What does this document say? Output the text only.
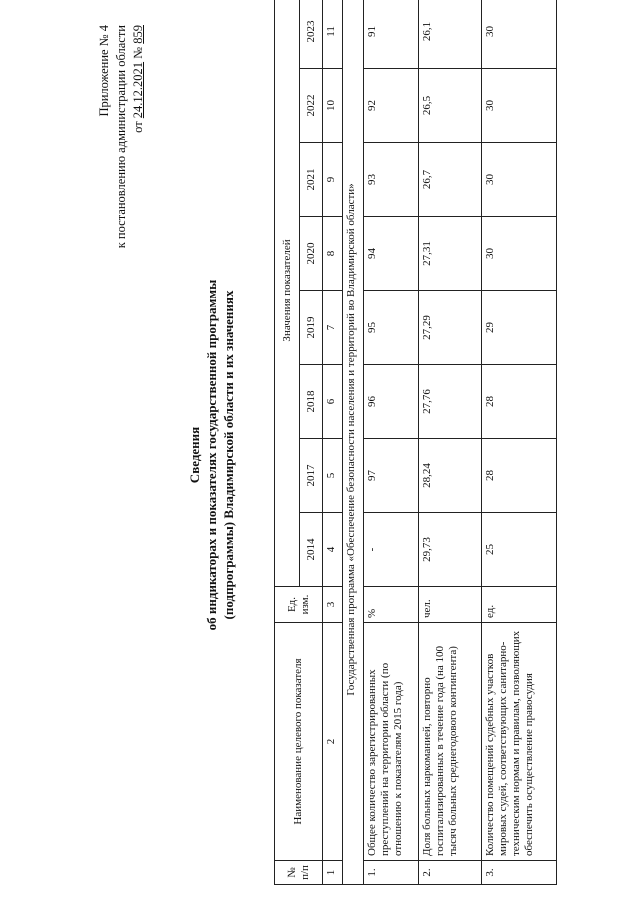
Приложение № 4 к постановлению администрации области от 24.12.2021 № 859
Сведения об индикаторах и показателях государственной программы (подпрограммы) Владимирской области и их значениях
№ п/п	Наименование целевого показателя	Ед. изм.	Значения показателей							
			2014	2017	2018	2019	2020	2021	2022	2023
1	2	3	4	5	6	7	8	9	10	11
Государственная программа «Обеспечение безопасности населения и территорий во Владимирской области»										
1.	Общее количество зарегистрированных преступлений на территории области (по отношению к показателям 2015 года)	%	-	97	96	95	94	93	92	91
2.	Доля больных наркоманией, повторно госпитализированных в течение года (на 100 тысяч больных среднегодового контингента)	чел.	29,73	28,24	27,76	27,29	27,31	26,7	26,5	26,1
3.	Количество помещений судебных участков мировых судей, соответствующих санитарно-техническим нормам и правилам, позволяющих обеспечить осуществление правосудия	ед.	25	28	28	29	30	30	30	30
